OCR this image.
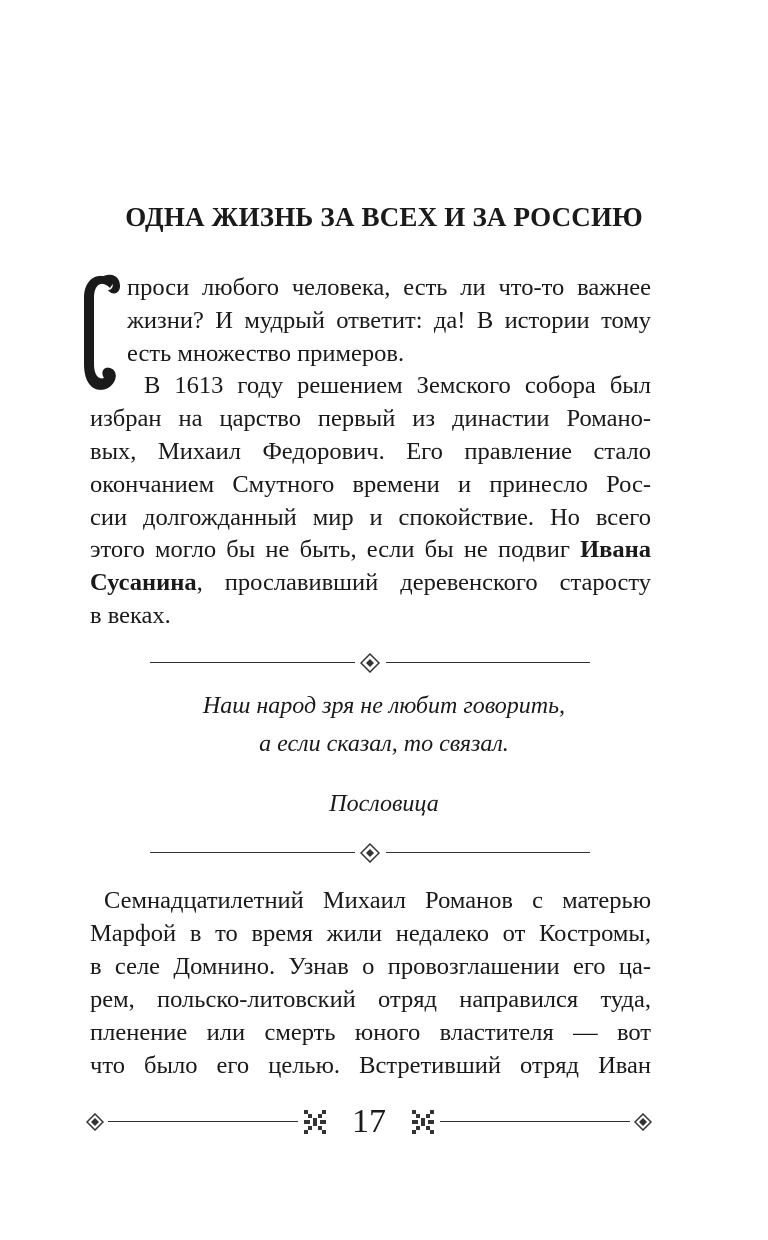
ОДНА ЖИЗНЬ ЗА ВСЕХ И ЗА РОССИЮ
проси любого человека, есть ли что-то важнее
жизни? И мудрый ответит: да! В истории тому
есть множество примеров.
В 1613 году решением Земского собора был
избран на царство первый из династии Романо-
вых, Михаил Федорович. Его правление стало
окончанием Смутного времени и принесло Рос-
сии долгожданный мир и спокойствие. Но всего
этого могло бы не быть, если бы не подвиг Ивана
Сусанина, прославивший деревенского старосту
в веках.
Наш народ зря не любит говорить,
а если сказал, то связал.
Пословица
Семнадцатилетний Михаил Романов с матерью
Марфой в то время жили недалеко от Костромы,
в селе Домнино. Узнав о провозглашении его ца-
рем, польско-литовский отряд направился туда,
пленение или смерть юного властителя — вот
что было его целью. Встретивший отряд Иван
17
